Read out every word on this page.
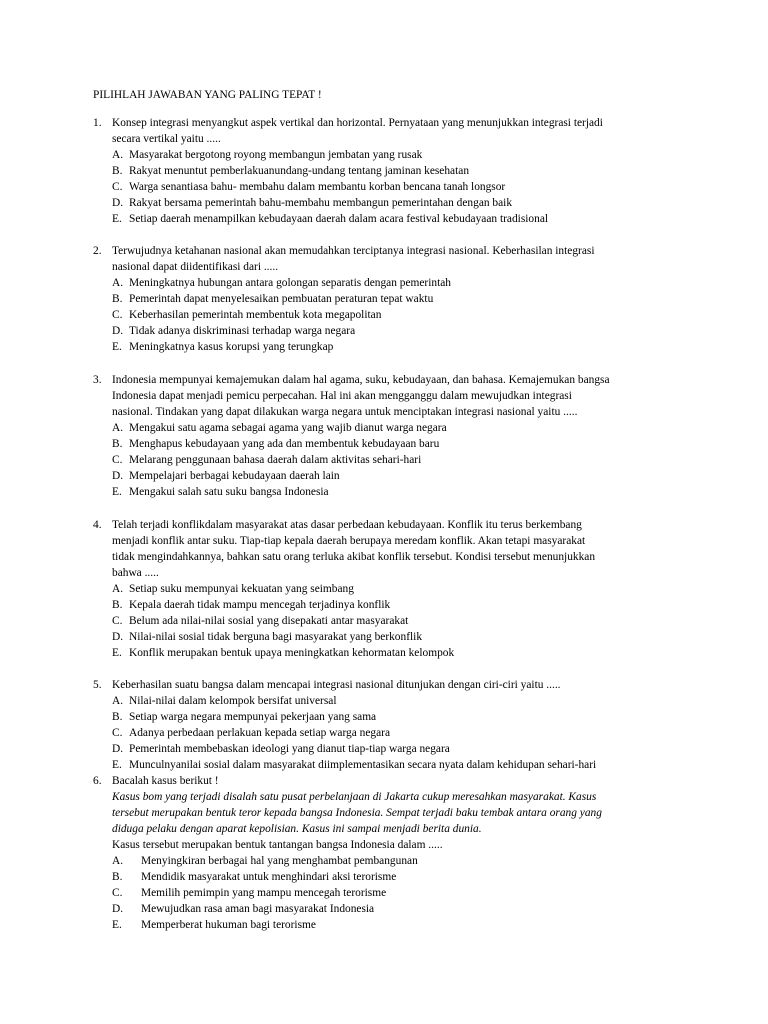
PILIHLAH JAWABAN YANG PALING TEPAT !
1. Konsep integrasi menyangkut aspek vertikal dan horizontal. Pernyataan yang menunjukkan integrasi terjadi
secara vertikal yaitu .....
A. Masyarakat bergotong royong membangun jembatan yang rusak
B. Rakyat menuntut pemberlakuanundang-undang tentang jaminan kesehatan
C. Warga senantiasa bahu- membahu dalam membantu korban bencana tanah longsor
D. Rakyat bersama pemerintah bahu-membahu membangun pemerintahan dengan baik
E. Setiap daerah menampilkan kebudayaan daerah dalam acara festival kebudayaan tradisional
2. Terwujudnya ketahanan nasional akan memudahkan terciptanya integrasi nasional. Keberhasilan integrasi
nasional dapat diidentifikasi dari .....
A. Meningkatnya hubungan antara golongan separatis dengan pemerintah
B. Pemerintah dapat menyelesaikan pembuatan peraturan tepat waktu
C. Keberhasilan pemerintah membentuk kota megapolitan
D. Tidak adanya diskriminasi terhadap warga negara
E. Meningkatnya kasus korupsi yang terungkap
3. Indonesia mempunyai kemajemukan dalam hal agama, suku, kebudayaan, dan bahasa. Kemajemukan bangsa
Indonesia dapat menjadi pemicu perpecahan. Hal ini akan mengganggu dalam mewujudkan integrasi
nasional. Tindakan yang dapat dilakukan warga negara untuk menciptakan integrasi nasional yaitu .....
A. Mengakui satu agama sebagai agama yang wajib dianut warga negara
B. Menghapus kebudayaan yang ada dan membentuk kebudayaan baru
C. Melarang penggunaan bahasa daerah dalam aktivitas sehari-hari
D. Mempelajari berbagai kebudayaan daerah lain
E. Mengakui salah satu suku bangsa Indonesia
4. Telah terjadi konflikdalam masyarakat atas dasar perbedaan kebudayaan. Konflik itu terus berkembang
menjadi konflik antar suku. Tiap-tiap kepala daerah berupaya meredam konflik. Akan tetapi masyarakat
tidak mengindahkannya, bahkan satu orang terluka akibat konflik tersebut. Kondisi tersebut menunjukkan
bahwa .....
A. Setiap suku mempunyai kekuatan yang seimbang
B. Kepala daerah tidak mampu mencegah terjadinya konflik
C. Belum ada nilai-nilai sosial yang disepakati antar masyarakat
D. Nilai-nilai sosial tidak berguna bagi masyarakat yang berkonflik
E. Konflik merupakan bentuk upaya meningkatkan kehormatan kelompok
5. Keberhasilan suatu bangsa dalam mencapai integrasi nasional ditunjukan dengan ciri-ciri yaitu .....
A. Nilai-nilai dalam kelompok bersifat universal
B. Setiap warga negara mempunyai pekerjaan yang sama
C. Adanya perbedaan perlakuan kepada setiap warga negara
D. Pemerintah membebaskan ideologi yang dianut tiap-tiap warga negara
E. Munculnyanilai sosial dalam masyarakat diimplementasikan secara nyata dalam kehidupan sehari-hari
6. Bacalah kasus berikut !
Kasus bom yang terjadi disalah satu pusat perbelanjaan di Jakarta cukup meresahkan masyarakat. Kasus
tersebut merupakan bentuk teror kepada bangsa Indonesia. Sempat terjadi baku tembak antara orang yang
diduga pelaku dengan aparat kepolisian. Kasus ini sampai menjadi berita dunia.
Kasus tersebut merupakan bentuk tantangan bangsa Indonesia dalam .....
A. Menyingkiran berbagai hal yang menghambat pembangunan
B. Mendidik masyarakat untuk menghindari aksi terorisme
C. Memilih pemimpin yang mampu mencegah terorisme
D. Mewujudkan rasa aman bagi masyarakat Indonesia
E. Memperberat hukuman bagi terorisme
